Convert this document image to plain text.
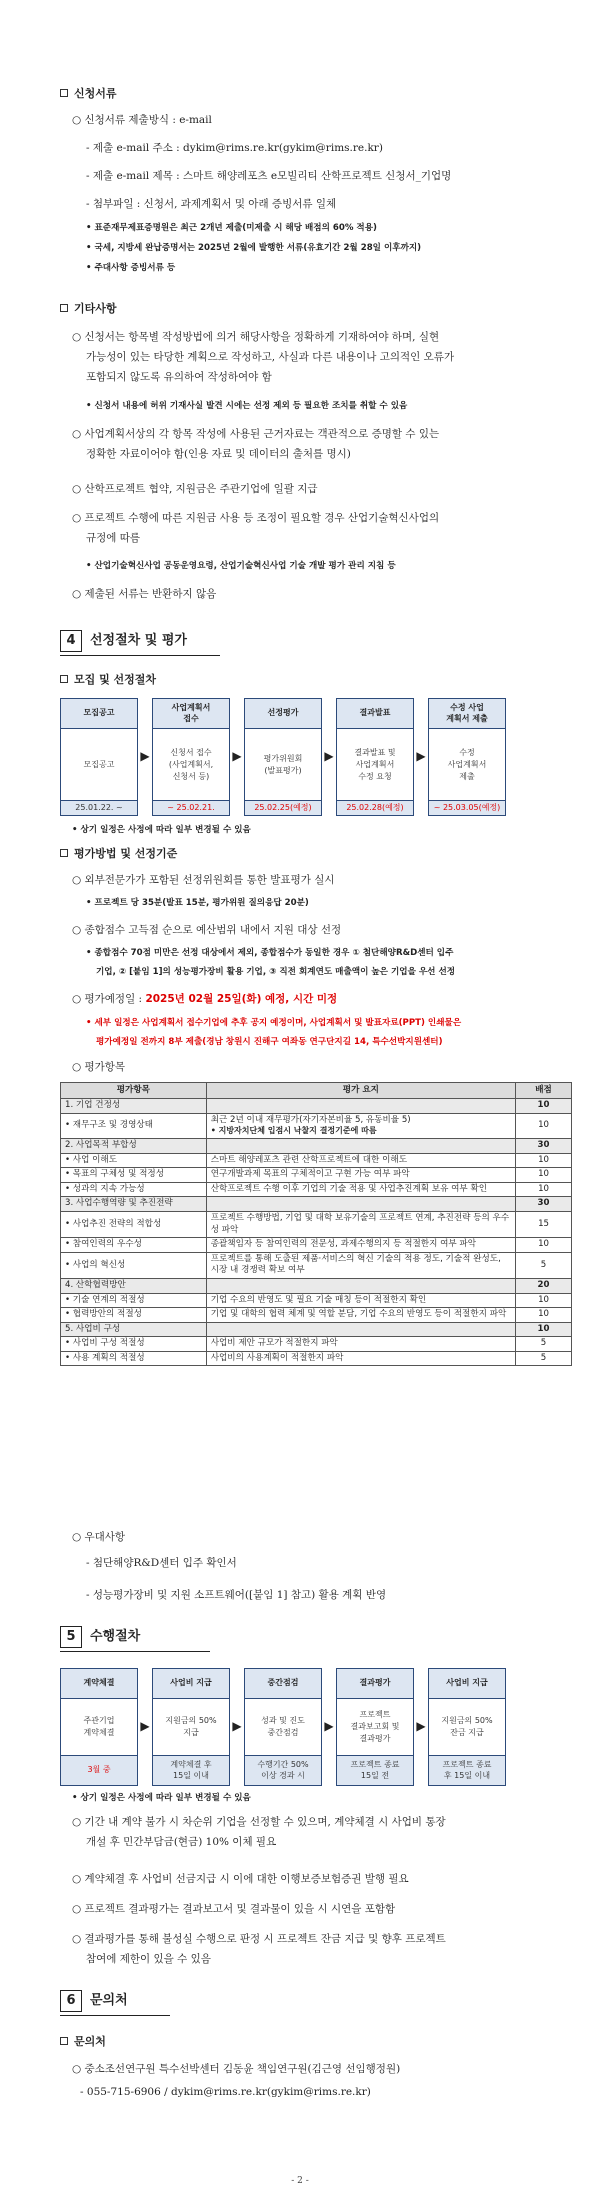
신청서류
○ 신청서류 제출방식 : e-mail
- 제출 e-mail 주소 : dykim@rims.re.kr(gykim@rims.re.kr)
- 제출 e-mail 제목 : 스마트 해양레포츠 e모빌리티 산학프로젝트 신청서_기업명
- 첨부파일 : 신청서, 과제계획서 및 아래 증빙서류 일체
• 표준재무제표증명원은 최근 2개년 제출(미제출 시 해당 배점의 60% 적용)
• 국세, 지방세 완납증명서는 2025년 2월에 발행한 서류(유효기간 2월 28일 이후까지)
• 주대사항 증빙서류 등
기타사항
○ 신청서는 항목별 작성방법에 의거 해당사항을 정확하게 기재하여야 하며, 실현
가능성이 있는 타당한 계획으로 작성하고, 사실과 다른 내용이나 고의적인 오류가
포함되지 않도록 유의하여 작성하여야 함
• 신청서 내용에 허위 기재사실 발견 시에는 선정 제외 등 필요한 조치를 취할 수 있음
○ 사업계획서상의 각 항목 작성에 사용된 근거자료는 객관적으로 증명할 수 있는
정확한 자료이어야 함(인용 자료 및 데이터의 출처를 명시)
○ 산학프로젝트 협약, 지원금은 주관기업에 일괄 지급
○ 프로젝트 수행에 따른 지원금 사용 등 조정이 필요할 경우 산업기술혁신사업의
규정에 따름
• 산업기술혁신사업 공동운영요령, 산업기술혁신사업 기술 개발 평가 관리 지침 등
○ 제출된 서류는 반환하지 않음
4 선정절차 및 평가
모집 및 선정절차
모집공고
모집공고
25.01.22. ~
▶
사업계획서
접수
신청서 접수
(사업계획서,
신청서 등)
~ 25.02.21.
▶
선정평가
평가위원회
(발표평가)
25.02.25(예정)
▶
결과발표
결과발표 및
사업계획서
수정 요청
25.02.28(예정)
▶
수정 사업
계획서 제출
수정
사업계획서
제출
~ 25.03.05(예정)
• 상기 일정은 사정에 따라 일부 변경될 수 있음
평가방법 및 선정기준
○ 외부전문가가 포함된 선정위원회를 통한 발표평가 실시
• 프로젝트 당 35분(발표 15분, 평가위원 질의응답 20분)
○ 종합점수 고득점 순으로 예산범위 내에서 지원 대상 선정
• 종합점수 70점 미만은 선정 대상에서 제외, 종합점수가 동일한 경우 ① 첨단해양R&D센터 입주
기업, ② [붙임 1]의 성능평가장비 활용 기업, ③ 직전 회계연도 매출액이 높은 기업을 우선 선정
○ 평가예정일 : 2025년 02월 25일(화) 예정, 시간 미정
• 세부 일정은 사업계획서 접수기업에 추후 공지 예정이며, 사업계획서 및 발표자료(PPT) 인쇄물은
평가예정일 전까지 8부 제출(경남 창원시 진해구 여좌동 연구단지길 14, 특수선박지원센터)
○ 평가항목
평가항목	평가 요지	배점
1. 기업 건정성		10
• 재무구조 및 경영상태	최근 2년 이내 재무평가(자기자본비율 5, 유동비율 5)
• 지방자치단체 입점시 낙찰지 결정기준에 따름	10
2. 사업목적 부합성		30
• 사업 이해도	스마트 해양레포츠 관련 산학프로젝트에 대한 이해도	10
• 목표의 구체성 및 적정성	연구개발과제 목표의 구체적이고 구현 가능 여부 파악	10
• 성과의 지속 가능성	산학프로젝트 수행 이후 기업의 기술 적용 및 사업추진계획 보유 여부 확인	10
3. 사업수행역량 및 추진전략		30
• 사업추진 전략의 적합성	프로젝트 수행방법, 기업 및 대학 보유기술의 프로젝트 연계, 추진전략 등의 우수성 파악	15
• 참여인력의 우수성	종괄책임자 등 참여인력의 전문성, 과제수행의지 등 적절한지 여부 파악	10
• 사업의 혁신성	프로젝트를 통해 도출된 제품·서비스의 혁신 기술의 적용 정도, 기술적 완성도, 시장 내 경쟁력 확보 여부	5
4. 산학협력방안		20
• 기술 연계의 적절성	기업 수요의 반영도 및 필요 기술 매칭 등이 적절한지 확인	10
• 협력방안의 적절성	기업 및 대학의 협력 체계 및 역할 분담, 기업 수요의 반영도 등이 적절한지 파악	10
5. 사업비 구성		10
• 사업비 구성 적절성	사업비 제안 규모가 적절한지 파악	5
• 사용 계획의 적절성	사업비의 사용계획이 적절한지 파악	5
○ 우대사항
- 첨단해양R&D센터 입주 확인서
- 성능평가장비 및 지원 소프트웨어([붙임 1] 참고) 활용 계획 반영
5 수행절차
계약체결
주관기업
계약체결
3월 중
▶
사업비 지급
지원금의 50%
지급
계약체결 후
15일 이내
▶
중간점검
성과 및 진도
중간점검
수행기간 50%
이상 경과 시
▶
결과평가
프로젝트
결과보고회 및
결과평가
프로젝트 종료
15일 전
▶
사업비 지급
지원금의 50%
잔금 지급
프로젝트 종료
후 15일 이내
• 상기 일정은 사정에 따라 일부 변경될 수 있음
○ 기간 내 계약 불가 시 차순위 기업을 선정할 수 있으며, 계약체결 시 사업비 통장
개설 후 민간부담금(현금) 10% 이체 필요
○ 계약체결 후 사업비 선금지급 시 이에 대한 이행보증보험증권 발행 필요
○ 프로젝트 결과평가는 결과보고서 및 결과물이 있을 시 시연을 포함함
○ 결과평가를 통해 불성실 수행으로 판정 시 프로젝트 잔금 지급 및 향후 프로젝트
참여에 제한이 있을 수 있음
6 문의처
문의처
○ 중소조선연구원 특수선박센터 김동윤 책임연구원(김근영 선임행정원)
- 055-715-6906 / dykim@rims.re.kr(gykim@rims.re.kr)
- 2 -
